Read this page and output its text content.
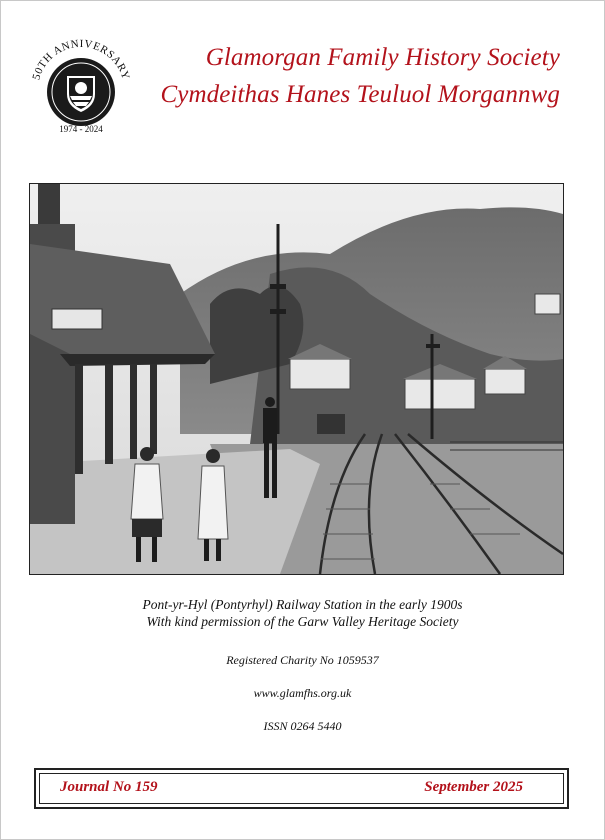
50TH ANNIVERSARY
1974 - 2024
Glamorgan Family History Society
Cymdeithas Hanes Teuluol Morgannwg
Pont-yr-Hyl (Pontyrhyl) Railway Station in the early 1900s
With kind permission of the Garw Valley Heritage Society
Registered Charity No 1059537
www.glamfhs.org.uk
ISSN 0264 5440
Journal No 159	September 2025
